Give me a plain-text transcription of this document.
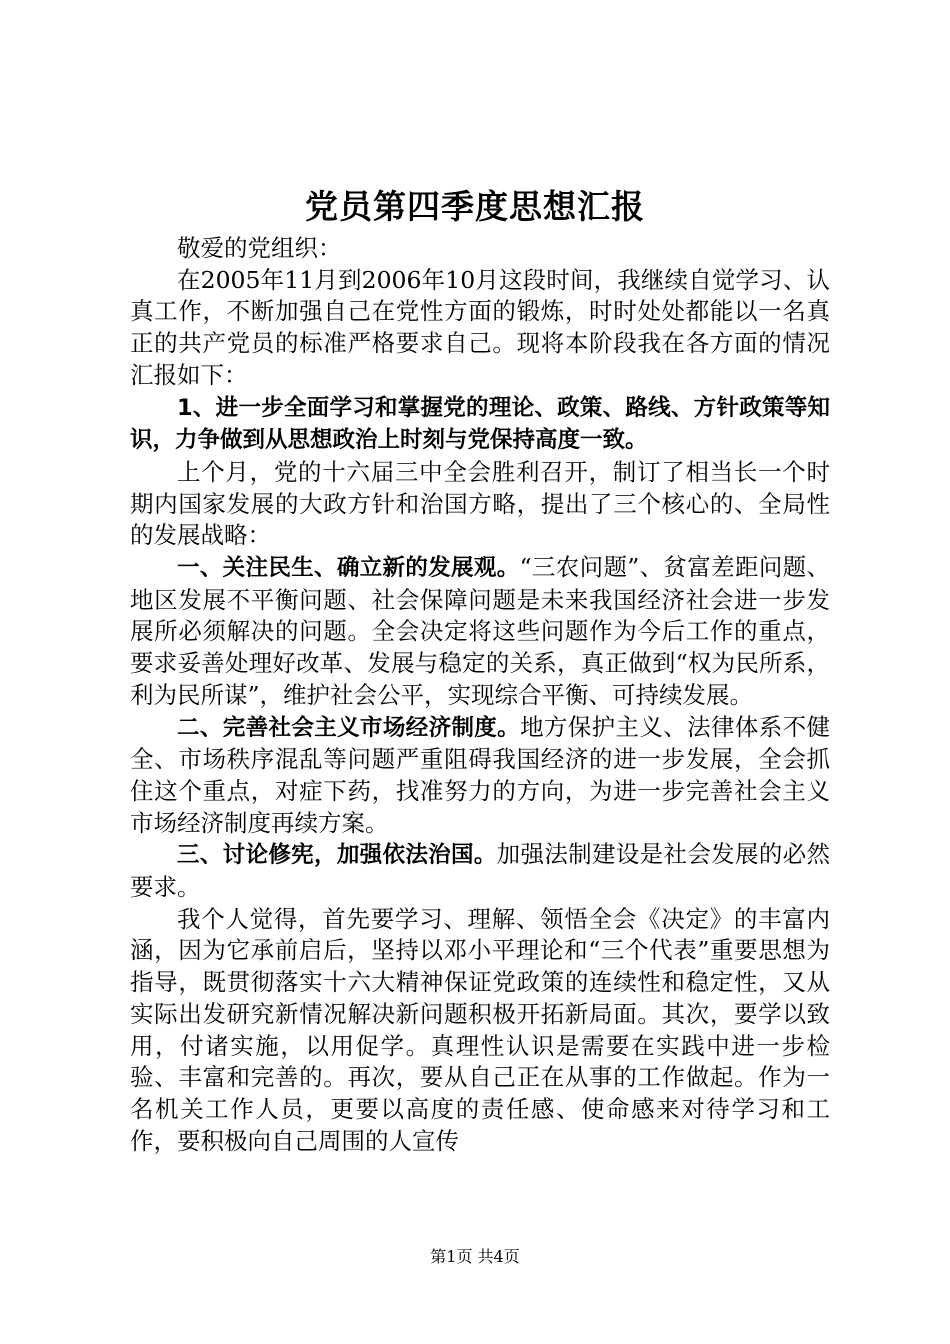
党员第四季度思想汇报

敬爱的党组织：

在2005年11月到2006年10月这段时间，我继续自觉学习、认真工作，不断加强自己在党性方面的锻炼，时时处处都能以一名真正的共产党员的标准严格要求自己。现将本阶段我在各方面的情况汇报如下：

1、进一步全面学习和掌握党的理论、政策、路线、方针政策等知识，力争做到从思想政治上时刻与党保持高度一致。

上个月，党的十六届三中全会胜利召开，制订了相当长一个时期内国家发展的大政方针和治国方略，提出了三个核心的、全局性的发展战略：

一、关注民生、确立新的发展观。“三农问题”、贫富差距问题、地区发展不平衡问题、社会保障问题是未来我国经济社会进一步发展所必须解决的问题。全会决定将这些问题作为今后工作的重点，要求妥善处理好改革、发展与稳定的关系，真正做到“权为民所系，利为民所谋”，维护社会公平，实现综合平衡、可持续发展。

二、完善社会主义市场经济制度。地方保护主义、法律体系不健全、市场秩序混乱等问题严重阻碍我国经济的进一步发展，全会抓住这个重点，对症下药，找准努力的方向，为进一步完善社会主义市场经济制度再续方案。

三、讨论修宪，加强依法治国。加强法制建设是社会发展的必然要求。

我个人觉得，首先要学习、理解、领悟全会《决定》的丰富内涵，因为它承前启后，坚持以邓小平理论和“三个代表”重要思想为指导，既贯彻落实十六大精神保证党政策的连续性和稳定性，又从实际出发研究新情况解决新问题积极开拓新局面。其次，要学以致用，付诸实施，以用促学。真理性认识是需要在实践中进一步检验、丰富和完善的。再次，要从自己正在从事的工作做起。作为一名机关工作人员，更要以高度的责任感、使命感来对待学习和工作，要积极向自己周围的人宣传

第1页 共4页
